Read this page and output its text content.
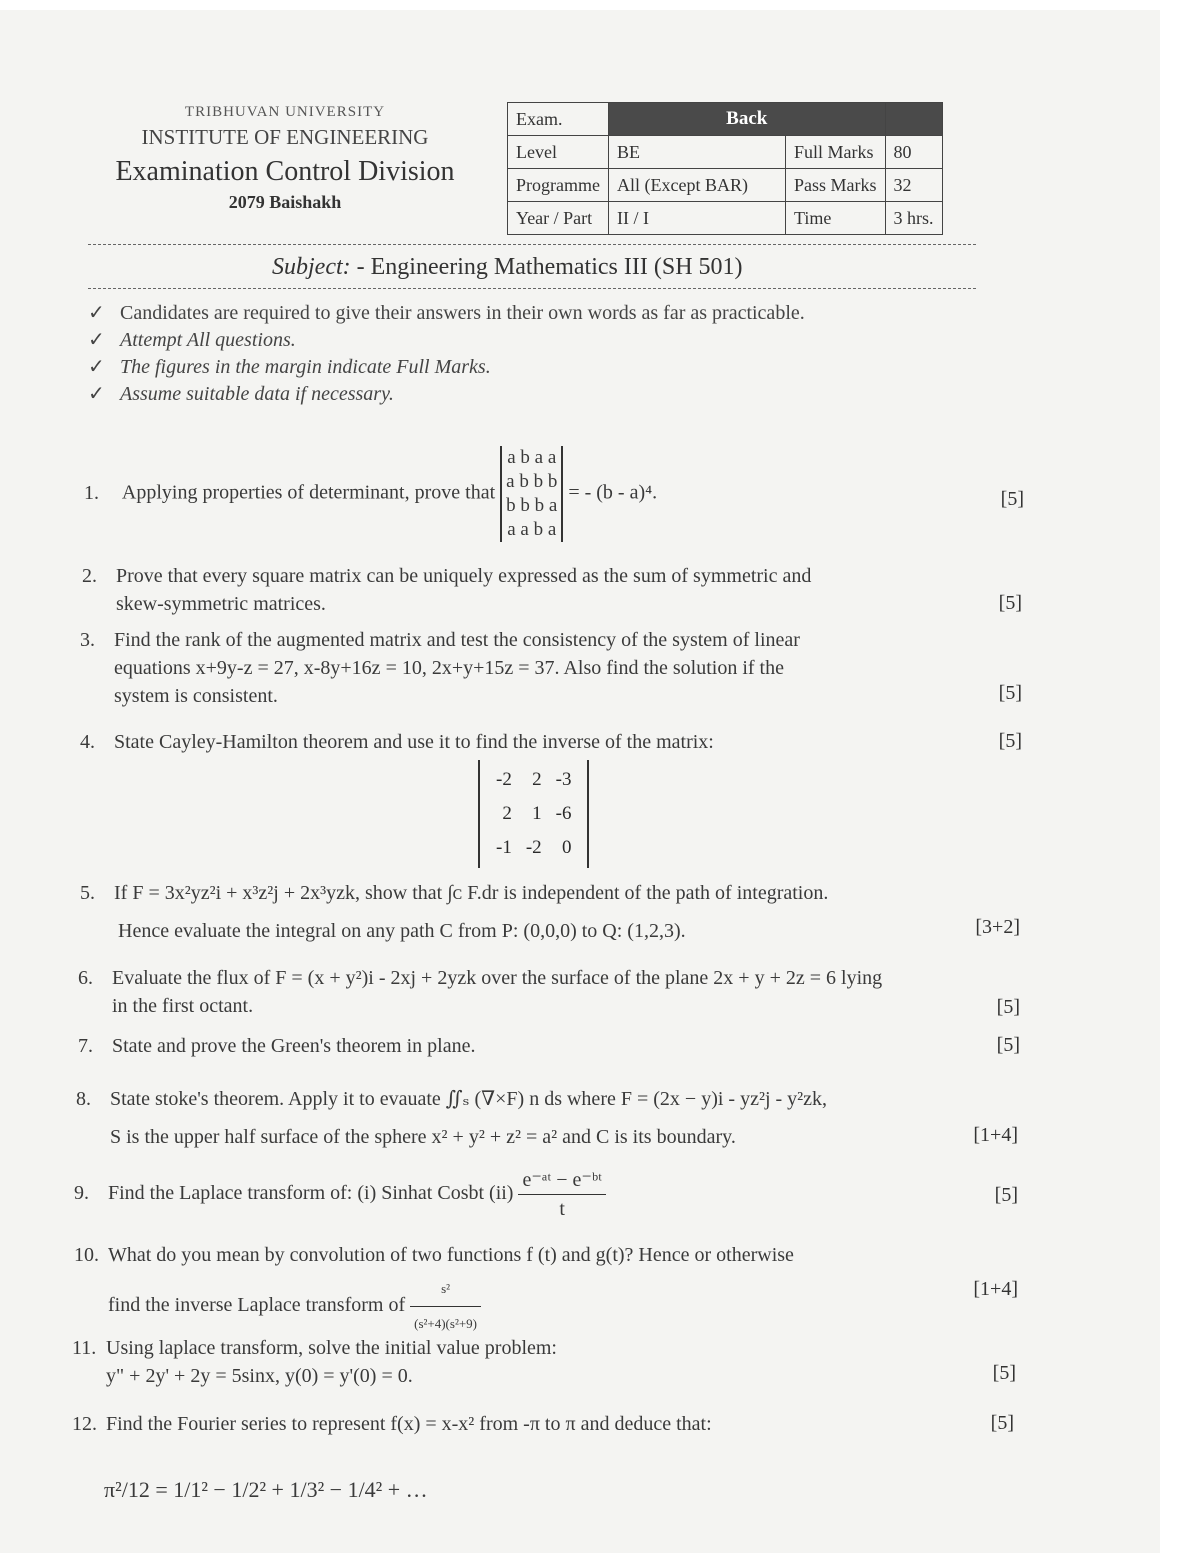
TRIBHUVAN UNIVERSITY
INSTITUTE OF ENGINEERING
Examination Control Division
2079 Baishakh
Exam.	Back		
Level	BE	Full Marks	80
Programme	All (Except BAR)	Pass Marks	32
Year / Part	II / I	Time	3 hrs.
Subject: - Engineering Mathematics III (SH 501)
✓ Candidates are required to give their answers in their own words as far as practicable.
✓ Attempt All questions.
✓ The figures in the margin indicate Full Marks.
✓ Assume suitable data if necessary.
1. Applying properties of determinant, prove that
a b a a
a b b b
b b b a
a a b a
= - (b - a)⁴.	[5]
2. Prove that every square matrix can be uniquely expressed as the sum of symmetric and
skew-symmetric matrices.	[5]
3. Find the rank of the augmented matrix and test the consistency of the system of linear
equations x+9y-z = 27, x-8y+16z = 10, 2x+y+15z = 37. Also find the solution if the
system is consistent.	[5]
4. State Cayley-Hamilton theorem and use it to find the inverse of the matrix:	[5]
-2	2	-3
2	1	-6
-1	-2	0

5. If F = 3x²yz²i + x³z²j + 2x³yzk, show that ∫ᴄ F.dr is independent of the path of integration.
Hence evaluate the integral on any path C from P: (0,0,0) to Q: (1,2,3).	[3+2]
6. Evaluate the flux of F = (x + y²)i - 2xj + 2yzk over the surface of the plane 2x + y + 2z = 6 lying
in the first octant.	[5]
7. State and prove the Green's theorem in plane.	[5]
8. State stoke's theorem. Apply it to evauate ∬ₛ (∇×F) n ds where F = (2x − y)i - yz²j - y²zk,
S is the upper half surface of the sphere x² + y² + z² = a² and C is its boundary.	[1+4]
9. Find the Laplace transform of: (i) Sinhat Cosbt $(ii) \frac{\text{e⁻ᵃᵗ − e⁻ᵇᵗ}}{t}$	[5]
10. What do you mean by convolution of two functions f (t) and g(t)? Hence or otherwise
find the inverse Laplace transform of $\frac{\text{s²}}{\text{(s²+4)(s²+9)}}$	[1+4]
11. Using laplace transform, solve the initial value problem:
y" + 2y' + 2y = 5sinx, y(0) = y'(0) = 0.	[5]
12. Find the Fourier series to represent f(x) = x-x² from -π to π and deduce that:	[5]
π²/12 = 1/1² − 1/2² + 1/3² − 1/4² + …
